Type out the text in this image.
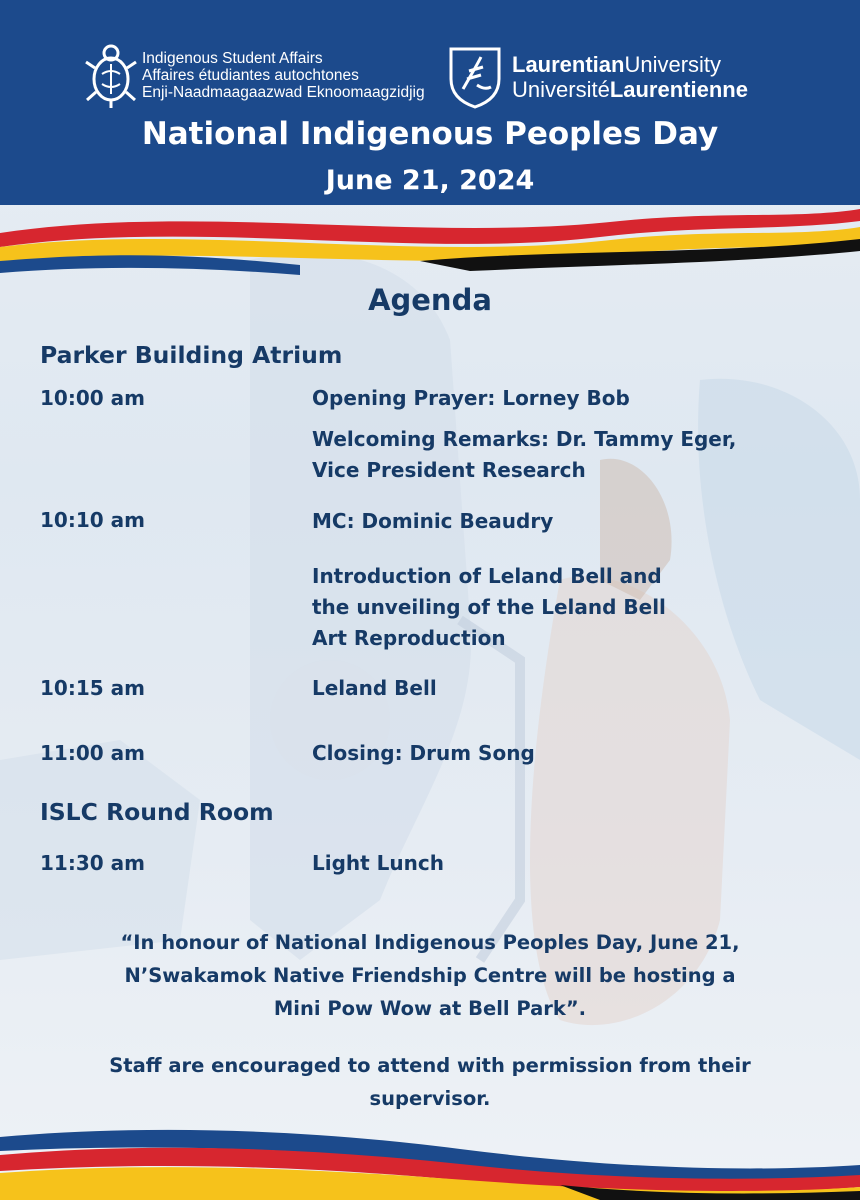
Indigenous Student Affairs
Affaires étudiantes autochtones
Enji-Naadmaagaazwad Eknoomaagzidjig
LaurentianUniversity
UniversitéLaurentienne
National Indigenous Peoples Day
June 21, 2024
Agenda
Parker Building Atrium
10:00 am	Opening Prayer: Lorney Bob
Welcoming Remarks: Dr. Tammy Eger,
Vice President Research
10:10 am	MC: Dominic Beaudry
Introduction of Leland Bell and
the unveiling of the Leland Bell
Art Reproduction
10:15 am	Leland Bell
11:00 am	Closing: Drum Song
ISLC Round Room
11:30 am	Light Lunch
“In honour of National Indigenous Peoples Day, June 21,
N’Swakamok Native Friendship Centre will be hosting a
Mini Pow Wow at Bell Park”.
Staff are encouraged to attend with permission from their
supervisor.
